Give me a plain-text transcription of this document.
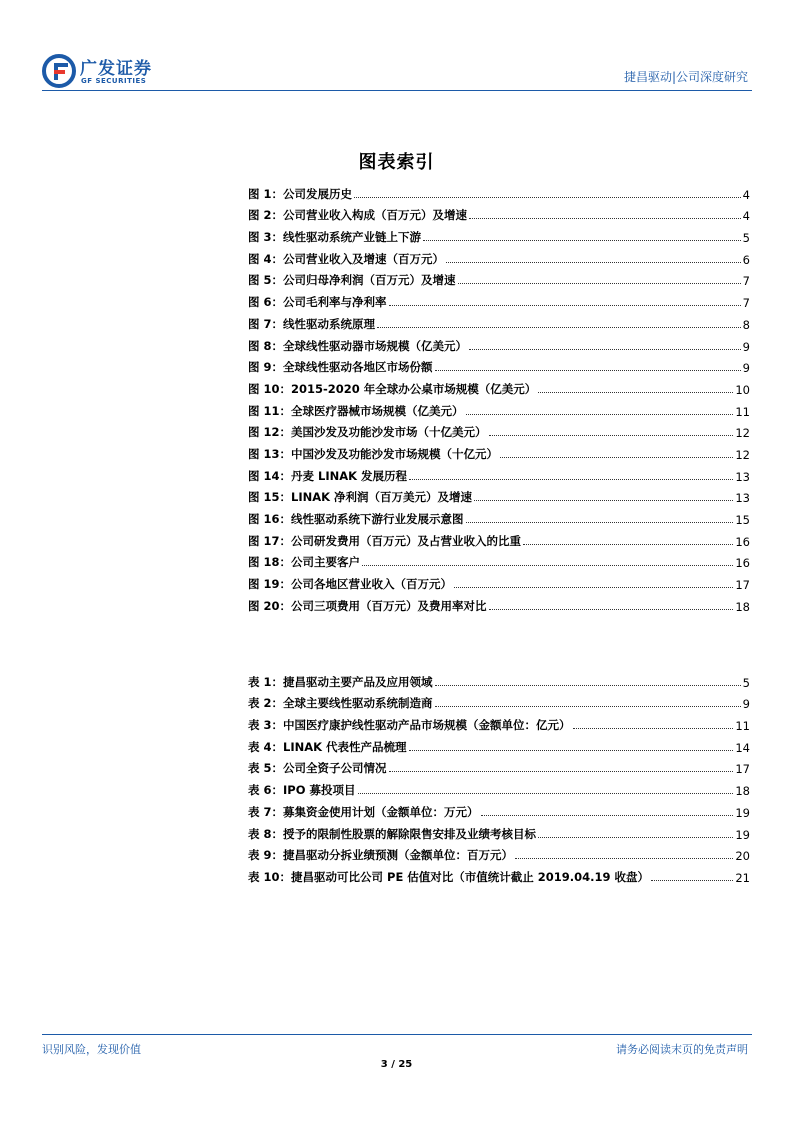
广发证券
GF SECURITIES	捷昌驱动|公司深度研究
图表索引
图 1：公司发展历史	4
图 2：公司营业收入构成（百万元）及增速	4
图 3：线性驱动系统产业链上下游	5
图 4：公司营业收入及增速（百万元）	6
图 5：公司归母净利润（百万元）及增速	7
图 6：公司毛利率与净利率	7
图 7：线性驱动系统原理	8
图 8：全球线性驱动器市场规模（亿美元）	9
图 9：全球线性驱动各地区市场份额	9
图 10：2015-2020 年全球办公桌市场规模（亿美元）	10
图 11：全球医疗器械市场规模（亿美元）	11
图 12：美国沙发及功能沙发市场（十亿美元）	12
图 13：中国沙发及功能沙发市场规模（十亿元）	12
图 14：丹麦 LINAK 发展历程	13
图 15：LINAK 净利润（百万美元）及增速	13
图 16：线性驱动系统下游行业发展示意图	15
图 17：公司研发费用（百万元）及占营业收入的比重	16
图 18：公司主要客户	16
图 19：公司各地区营业收入（百万元）	17
图 20：公司三项费用（百万元）及费用率对比	18
表 1：捷昌驱动主要产品及应用领域	5
表 2：全球主要线性驱动系统制造商	9
表 3：中国医疗康护线性驱动产品市场规模（金额单位：亿元）	11
表 4：LINAK 代表性产品梳理	14
表 5：公司全资子公司情况	17
表 6：IPO 募投项目	18
表 7：募集资金使用计划（金额单位：万元）	19
表 8：授予的限制性股票的解除限售安排及业绩考核目标	19
表 9：捷昌驱动分拆业绩预测（金额单位：百万元）	20
表 10：捷昌驱动可比公司 PE 估值对比（市值统计截止 2019.04.19 收盘）	21
识别风险，发现价值	请务必阅读末页的免责声明
3 / 25
